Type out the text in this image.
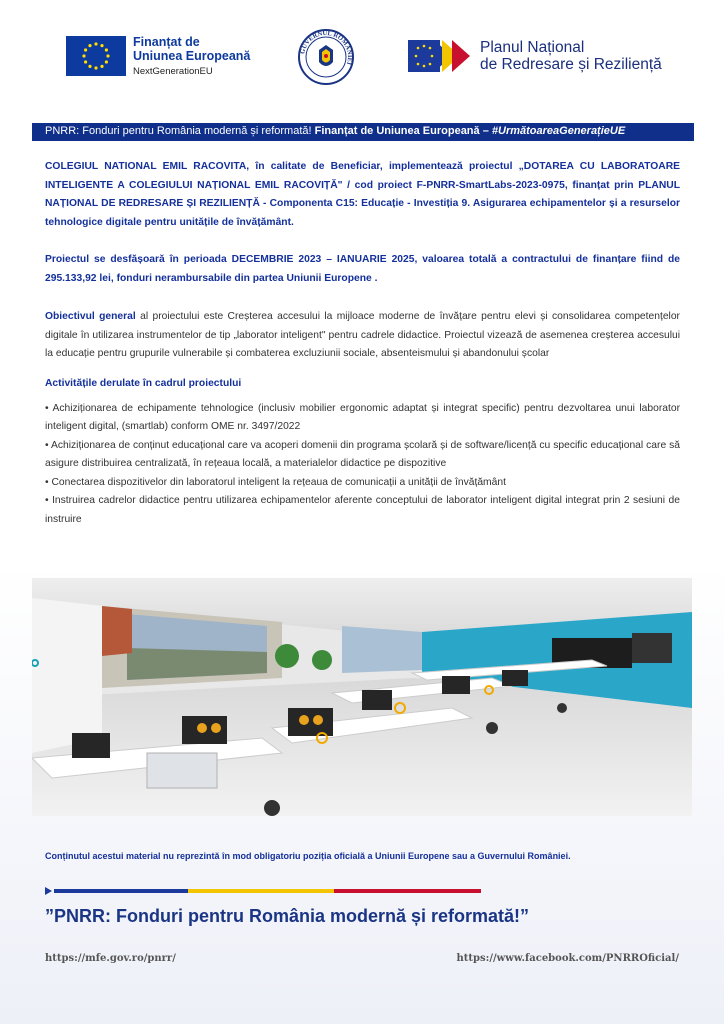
Finanțat de
Uniunea Europeană
NextGenerationEU
GUVERNUL ROMÂNIEI
Planul Național
de Redresare și Reziliență
PNRR: Fonduri pentru România modernă și reformată! Finanțat de Uniunea Europeană – #UrmătoareaGenerațieUE

COLEGIUL NATIONAL EMIL RACOVITA, în calitate de Beneficiar, implementează proiectul „DOTAREA CU LABORATOARE INTELIGENTE A COLEGIULUI NAȚIONAL EMIL RACOVIȚĂ" / cod proiect F-PNRR-SmartLabs-2023-0975, finanțat prin PLANUL NAȚIONAL DE REDRESARE ȘI REZILIENȚĂ - Componenta C15: Educație - Investiția 9. Asigurarea echipamentelor și a resurselor tehnologice digitale pentru unitățile de învățământ.

Proiectul se desfășoară în perioada DECEMBRIE 2023 – IANUARIE 2025, valoarea totală a contractului de finanțare fiind de 295.133,92 lei, fonduri nerambursabile din partea Uniunii Europene .

Obiectivul general al proiectului este Creșterea accesului la mijloace moderne de învățare pentru elevi și consolidarea competențelor digitale în utilizarea instrumentelor de tip „laborator inteligent" pentru cadrele didactice. Proiectul vizează de asemenea creșterea accesului la educație pentru grupurile vulnerabile și combaterea excluziunii sociale, absenteismului și abandonului școlar

Activitățile derulate în cadrul proiectului
• Achiziționarea de echipamente tehnologice (inclusiv mobilier ergonomic adaptat și integrat specific) pentru dezvoltarea unui laborator inteligent digital, (smartlab) conform OME nr. 3497/2022
• Achiziționarea de conținut educațional care va acoperi domenii din programa școlară și de software/licență cu specific educațional care să asigure distribuirea centralizată, în rețeaua locală, a materialelor didactice pe dispozitive
• Conectarea dispozitivelor din laboratorul inteligent la rețeaua de comunicații a unității de învățământ
• Instruirea cadrelor didactice pentru utilizarea echipamentelor aferente conceptului de laborator inteligent digital integrat prin 2 sesiuni de instruire
Conținutul acestui material nu reprezintă în mod obligatoriu poziția oficială a Uniunii Europene sau a Guvernului României.
”PNRR: Fonduri pentru România modernă și reformată!”
https://mfe.gov.ro/pnrr/	https://www.facebook.com/PNRROficial/
